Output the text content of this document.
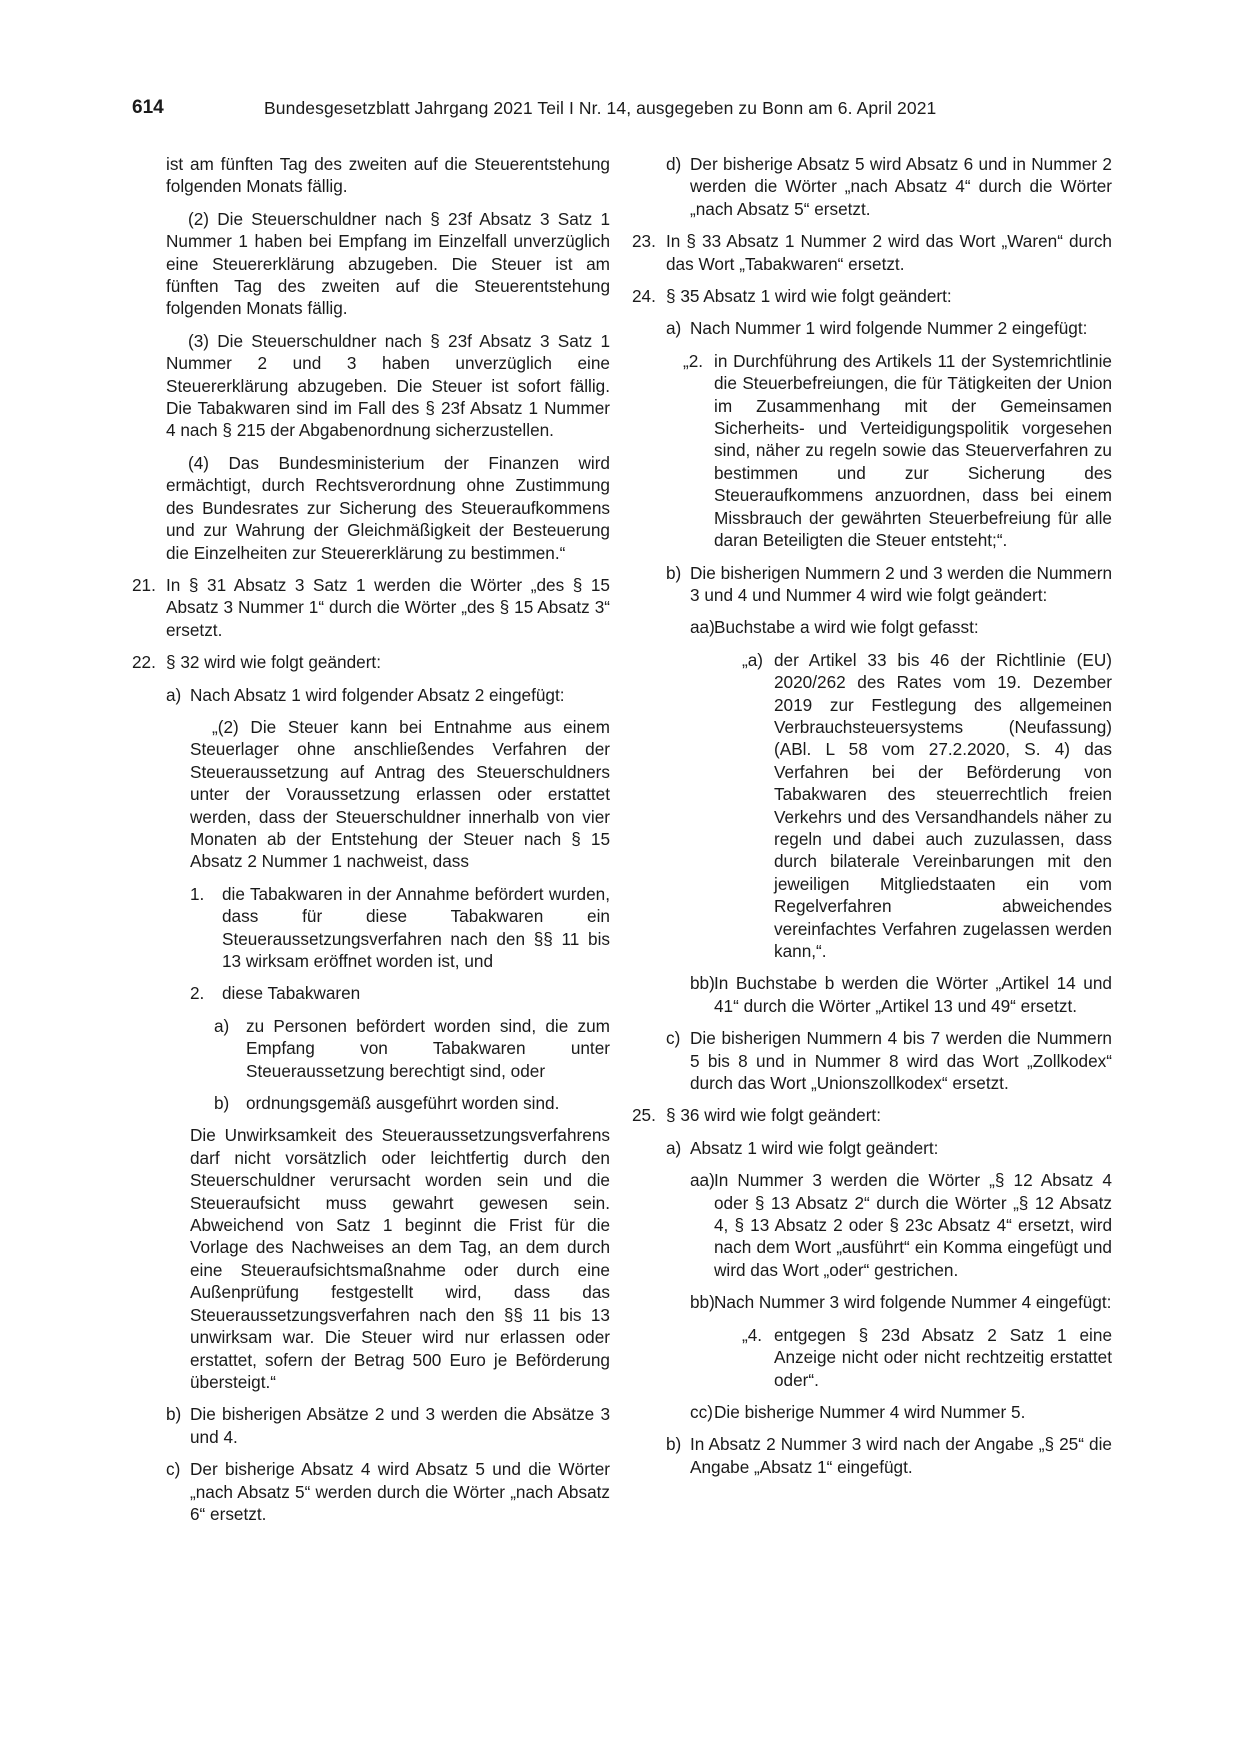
614	Bundesgesetzblatt Jahrgang 2021 Teil I Nr. 14, ausgegeben zu Bonn am 6. April 2021

ist am fünften Tag des zweiten auf die Steuerentstehung folgenden Monats fällig.

(2) Die Steuerschuldner nach § 23f Absatz 3 Satz 1 Nummer 1 haben bei Empfang im Einzelfall unverzüglich eine Steuererklärung abzugeben. Die Steuer ist am fünften Tag des zweiten auf die Steuerentstehung folgenden Monats fällig.

(3) Die Steuerschuldner nach § 23f Absatz 3 Satz 1 Nummer 2 und 3 haben unverzüglich eine Steuererklärung abzugeben. Die Steuer ist sofort fällig. Die Tabakwaren sind im Fall des § 23f Absatz 1 Nummer 4 nach § 215 der Abgabenordnung sicherzustellen.

(4) Das Bundesministerium der Finanzen wird ermächtigt, durch Rechtsverordnung ohne Zustimmung des Bundesrates zur Sicherung des Steueraufkommens und zur Wahrung der Gleichmäßigkeit der Besteuerung die Einzelheiten zur Steuererklärung zu bestimmen.“

21. In § 31 Absatz 3 Satz 1 werden die Wörter „des § 15 Absatz 3 Nummer 1“ durch die Wörter „des § 15 Absatz 3“ ersetzt.
22. § 32 wird wie folgt geändert:
a) Nach Absatz 1 wird folgender Absatz 2 eingefügt:

„(2) Die Steuer kann bei Entnahme aus einem Steuerlager ohne anschließendes Verfahren der Steueraussetzung auf Antrag des Steuerschuldners unter der Voraussetzung erlassen oder erstattet werden, dass der Steuerschuldner innerhalb von vier Monaten ab der Entstehung der Steuer nach § 15 Absatz 2 Nummer 1 nachweist, dass

1. die Tabakwaren in der Annahme befördert wurden, dass für diese Tabakwaren ein Steueraussetzungsverfahren nach den §§ 11 bis 13 wirksam eröffnet worden ist, und
2. diese Tabakwaren
a) zu Personen befördert worden sind, die zum Empfang von Tabakwaren unter Steueraussetzung berechtigt sind, oder
b) ordnungsgemäß ausgeführt worden sind.

Die Unwirksamkeit des Steueraussetzungsverfahrens darf nicht vorsätzlich oder leichtfertig durch den Steuerschuldner verursacht worden sein und die Steueraufsicht muss gewahrt gewesen sein. Abweichend von Satz 1 beginnt die Frist für die Vorlage des Nachweises an dem Tag, an dem durch eine Steueraufsichtsmaßnahme oder durch eine Außenprüfung festgestellt wird, dass das Steueraussetzungsverfahren nach den §§ 11 bis 13 unwirksam war. Die Steuer wird nur erlassen oder erstattet, sofern der Betrag 500 Euro je Beförderung übersteigt.“

b) Die bisherigen Absätze 2 und 3 werden die Absätze 3 und 4.
c) Der bisherige Absatz 4 wird Absatz 5 und die Wörter „nach Absatz 5“ werden durch die Wörter „nach Absatz 6“ ersetzt.
d) Der bisherige Absatz 5 wird Absatz 6 und in Nummer 2 werden die Wörter „nach Absatz 4“ durch die Wörter „nach Absatz 5“ ersetzt.
23. In § 33 Absatz 1 Nummer 2 wird das Wort „Waren“ durch das Wort „Tabakwaren“ ersetzt.
24. § 35 Absatz 1 wird wie folgt geändert:
a) Nach Nummer 1 wird folgende Nummer 2 eingefügt:
„2. in Durchführung des Artikels 11 der Systemrichtlinie die Steuerbefreiungen, die für Tätigkeiten der Union im Zusammenhang mit der Gemeinsamen Sicherheits- und Verteidigungspolitik vorgesehen sind, näher zu regeln sowie das Steuerverfahren zu bestimmen und zur Sicherung des Steueraufkommens anzuordnen, dass bei einem Missbrauch der gewährten Steuerbefreiung für alle daran Beteiligten die Steuer entsteht;“.
b) Die bisherigen Nummern 2 und 3 werden die Nummern 3 und 4 und Nummer 4 wird wie folgt geändert:
aa) Buchstabe a wird wie folgt gefasst:
„a) der Artikel 33 bis 46 der Richtlinie (EU) 2020/262 des Rates vom 19. Dezember 2019 zur Festlegung des allgemeinen Verbrauchsteuersystems (Neufassung) (ABl. L 58 vom 27.2.2020, S. 4) das Verfahren bei der Beförderung von Tabakwaren des steuerrechtlich freien Verkehrs und des Versandhandels näher zu regeln und dabei auch zuzulassen, dass durch bilaterale Vereinbarungen mit den jeweiligen Mitgliedstaaten ein vom Regelverfahren abweichendes vereinfachtes Verfahren zugelassen werden kann,“.
bb) In Buchstabe b werden die Wörter „Artikel 14 und 41“ durch die Wörter „Artikel 13 und 49“ ersetzt.
c) Die bisherigen Nummern 4 bis 7 werden die Nummern 5 bis 8 und in Nummer 8 wird das Wort „Zollkodex“ durch das Wort „Unionszollkodex“ ersetzt.
25. § 36 wird wie folgt geändert:
a) Absatz 1 wird wie folgt geändert:
aa) In Nummer 3 werden die Wörter „§ 12 Absatz 4 oder § 13 Absatz 2“ durch die Wörter „§ 12 Absatz 4, § 13 Absatz 2 oder § 23c Absatz 4“ ersetzt, wird nach dem Wort „ausführt“ ein Komma eingefügt und wird das Wort „oder“ gestrichen.
bb) Nach Nummer 3 wird folgende Nummer 4 eingefügt:
„4. entgegen § 23d Absatz 2 Satz 1 eine Anzeige nicht oder nicht rechtzeitig erstattet oder“.
cc) Die bisherige Nummer 4 wird Nummer 5.
b) In Absatz 2 Nummer 3 wird nach der Angabe „§ 25“ die Angabe „Absatz 1“ eingefügt.
